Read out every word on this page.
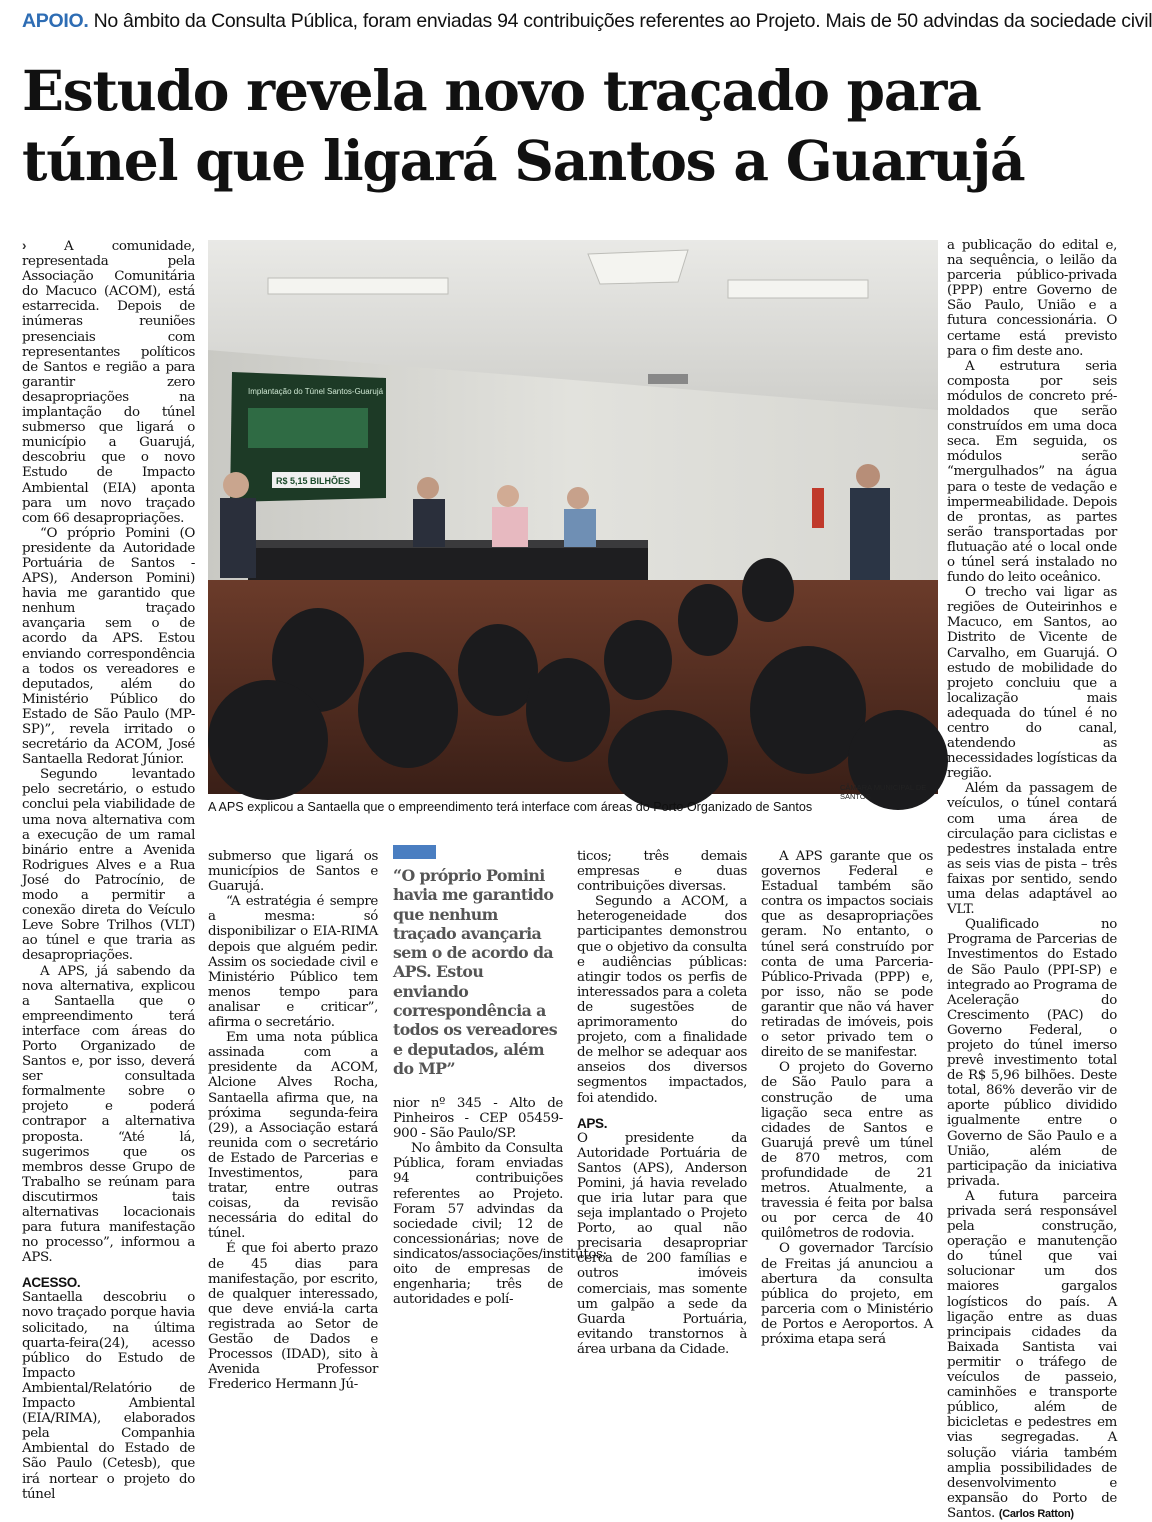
APOIO. No âmbito da Consulta Pública, foram enviadas 94 contribuições referentes ao Projeto. Mais de 50 advindas da sociedade civil
Estudo revela novo traçado para
túnel que ligará Santos a Guarujá

› A comunidade, representada pela Associação Comunitária do Macuco (ACOM), está estarrecida. Depois de inúmeras reuniões presenciais com representantes políticos de Santos e região a para garantir zero desapropriações na implantação do túnel submerso que ligará o município a Guarujá, descobriu que o novo Estudo de Impacto Ambiental (EIA) aponta para um novo traçado com 66 desapropriações.

“O próprio Pomini (O presidente da Autoridade Portuária de Santos - APS), Anderson Pomini) havia me garantido que nenhum traçado avançaria sem o de acordo da APS. Estou enviando correspondência a todos os vereadores e deputados, além do Ministério Público do Estado de São Paulo (MP-SP)”, revela irritado o secretário da ACOM, José Santaella Redorat Júnior.

Segundo levantado pelo secretário, o estudo conclui pela viabilidade de uma nova alternativa com a execução de um ramal binário entre a Avenida Rodrigues Alves e a Rua José do Patrocínio, de modo a permitir a conexão direta do Veículo Leve Sobre Trilhos (VLT) ao túnel e que traria as desapropriações.

A APS, já sabendo da nova alternativa, explicou a Santaella que o empreendimento terá interface com áreas do Porto Organizado de Santos e, por isso, deverá ser consultada formalmente sobre o projeto e poderá contrapor a alternativa proposta. “Até lá, sugerimos que os membros desse Grupo de Trabalho se reúnam para discutirmos tais alternativas locacionais para futura manifestação no processo”, informou a APS.

ACESSO.

Santaella descobriu o novo traçado porque havia solicitado, na última quarta-feira(24), acesso público do Estudo de Impacto Ambiental/Relatório de Impacto Ambiental (EIA/RIMA), elaborados pela Companhia Ambiental do Estado de São Paulo (Cetesb), que irá nortear o projeto do túnel

Implantação do Túnel Santos-Guarujá
R$ 5,15 BILHÕES
CÂMARA MUNICIPAL DE SANTOS
A APS explicou a Santaella que o empreendimento terá interface com áreas do Porto Organizado de Santos

submerso que ligará os municípios de Santos e Guarujá.

“A estratégia é sempre a mesma: só disponibilizar o EIA-RIMA depois que alguém pedir. Assim os sociedade civil e Ministério Público tem menos tempo para analisar e criticar”, afirma o secretário.

Em uma nota pública assinada com a presidente da ACOM, Alcione Alves Rocha, Santaella afirma que, na próxima segunda-feira (29), a Associação estará reunida com o secretário de Estado de Parcerias e Investimentos, para tratar, entre outras coisas, da revisão necessária do edital do túnel.

É que foi aberto prazo de 45 dias para manifestação, por escrito, de qualquer interessado, que deve enviá-la carta registrada ao Setor de Gestão de Dados e Processos (IDAD), sito à Avenida Professor Frederico Hermann Jú-

“O próprio Pomini havia me garantido que nenhum traçado avançaria sem o de acordo da APS. Estou enviando correspondência a todos os vereadores e deputados, além do MP”

nior nº 345 - Alto de Pinheiros - CEP 05459-900 - São Paulo/SP.

No âmbito da Consulta Pública, foram enviadas 94 contribuições referentes ao Projeto. Foram 57 advindas da sociedade civil; 12 de concessionárias; nove de sindicatos/associações/institutos; oito de empresas de engenharia; três de autoridades e polí-

ticos; três demais empresas e duas contribuições diversas.

Segundo a ACOM, a heterogeneidade dos participantes demonstrou que o objetivo da consulta e audiências públicas: atingir todos os perfis de interessados para a coleta de sugestões de aprimoramento do projeto, com a finalidade de melhor se adequar aos anseios dos diversos segmentos impactados, foi atendido.

APS.

O presidente da Autoridade Portuária de Santos (APS), Anderson Pomini, já havia revelado que iria lutar para que seja implantado o Projeto Porto, ao qual não precisaria desapropriar cerca de 200 famílias e outros imóveis comerciais, mas somente um galpão a sede da Guarda Portuária, evitando transtornos à área urbana da Cidade.

A APS garante que os governos Federal e Estadual também são contra os impactos sociais que as desapropriações geram. No entanto, o túnel será construído por conta de uma Parceria-Público-Privada (PPP) e, por isso, não se pode garantir que não vá haver retiradas de imóveis, pois o setor privado tem o direito de se manifestar.

O projeto do Governo de São Paulo para a construção de uma ligação seca entre as cidades de Santos e Guarujá prevê um túnel de 870 metros, com profundidade de 21 metros. Atualmente, a travessia é feita por balsa ou por cerca de 40 quilômetros de rodovia.

O governador Tarcísio de Freitas já anunciou a abertura da consulta pública do projeto, em parceria com o Ministério de Portos e Aeroportos. A próxima etapa será

a publicação do edital e, na sequência, o leilão da parceria público-privada (PPP) entre Governo de São Paulo, União e a futura concessionária. O certame está previsto para o fim deste ano.

A estrutura seria composta por seis módulos de concreto pré-moldados que serão construídos em uma doca seca. Em seguida, os módulos serão “mergulhados” na água para o teste de vedação e impermeabilidade. Depois de prontas, as partes serão transportadas por flutuação até o local onde o túnel será instalado no fundo do leito oceânico.

O trecho vai ligar as regiões de Outeirinhos e Macuco, em Santos, ao Distrito de Vicente de Carvalho, em Guarujá. O estudo de mobilidade do projeto concluiu que a localização mais adequada do túnel é no centro do canal, atendendo as necessidades logísticas da região.

Além da passagem de veículos, o túnel contará com uma área de circulação para ciclistas e pedestres instalada entre as seis vias de pista – três faixas por sentido, sendo uma delas adaptável ao VLT.

Qualificado no Programa de Parcerias de Investimentos do Estado de São Paulo (PPI-SP) e integrado ao Programa de Aceleração do Crescimento (PAC) do Governo Federal, o projeto do túnel imerso prevê investimento total de R$ 5,96 bilhões. Deste total, 86% deverão vir de aporte público dividido igualmente entre o Governo de São Paulo e a União, além de participação da iniciativa privada.

A futura parceira privada será responsável pela construção, operação e manutenção do túnel que vai solucionar um dos maiores gargalos logísticos do país. A ligação entre as duas principais cidades da Baixada Santista vai permitir o tráfego de veículos de passeio, caminhões e transporte público, além de bicicletas e pedestres em vias segregadas. A solução viária também amplia possibilidades de desenvolvimento e expansão do Porto de Santos. (Carlos Ratton)
